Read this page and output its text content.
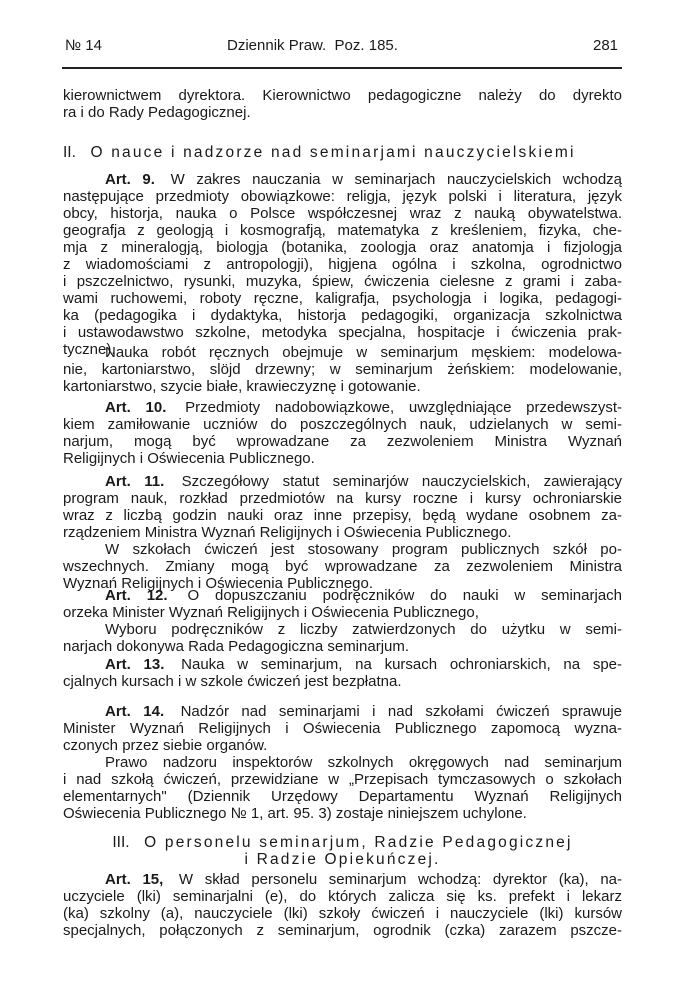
№ 14	Dziennik Praw.  Poz. 185.	281
kierownictwem dyrektora. Kierownictwo pedagogiczne należy do dyrekto
ra i do Rady Pedagogicznej.
II. O nauce i nadzorze nad seminarjami nauczycielskiemi
Art. 9. W zakres nauczania w seminarjach nauczycielskich wchodzą
następujące przedmioty obowiązkowe: religja, język polski i literatura, język
obcy, historja, nauka o Polsce współczesnej wraz z nauką obywatelstwa.
geografja z geologją i kosmografją, matematyka z kreśleniem, fizyka, che-
mja z mineralogją, biologja (botanika, zoologja oraz anatomja i fizjologja
z wiadomościami z antropologji), higjena ogólna i szkolna, ogrodnictwo
i pszczelnictwo, rysunki, muzyka, śpiew, ćwiczenia cielesne z grami i zaba-
wami ruchowemi, roboty ręczne, kaligrafja, psychologja i logika, pedagogi-
ka (pedagogika i dydaktyka, historja pedagogiki, organizacja szkolnictwa
i ustawodawstwo szkolne, metodyka specjalna, hospitacje i ćwiczenia prak-
tyczne).
Nauka robót ręcznych obejmuje w seminarjum męskiem: modelowa-
nie, kartoniarstwo, slöjd drzewny; w seminarjum żeńskiem: modelowanie,
kartoniarstwo, szycie białe, krawieczyznę i gotowanie.
Art. 10. Przedmioty nadobowiązkowe, uwzględniające przedewszyst-
kiem zamiłowanie uczniów do poszczególnych nauk, udzielanych w semi-
narjum, mogą być wprowadzane za zezwoleniem Ministra Wyznań
Religijnych i Oświecenia Publicznego.
Art. 11. Szczegółowy statut seminarjów nauczycielskich, zawierający
program nauk, rozkład przedmiotów na kursy roczne i kursy ochroniarskie
wraz z liczbą godzin nauki oraz inne przepisy, będą wydane osobnem za-
rządzeniem Ministra Wyznań Religijnych i Oświecenia Publicznego.
W szkołach ćwiczeń jest stosowany program publicznych szkół po-
wszechnych. Zmiany mogą być wprowadzane za zezwoleniem Ministra
Wyznań Religijnych i Oświecenia Publicznego.
Art. 12. O dopuszczaniu podręczników do nauki w seminarjach
orzeka Minister Wyznań Religijnych i Oświecenia Publicznego,
Wyboru podręczników z liczby zatwierdzonych do użytku w semi-
narjach dokonywa Rada Pedagogiczna seminarjum.
Art. 13. Nauka w seminarjum, na kursach ochroniarskich, na spe-
cjalnych kursach i w szkole ćwiczeń jest bezpłatna.
Art. 14. Nadzór nad seminarjami i nad szkołami ćwiczeń sprawuje
Minister Wyznań Religijnych i Oświecenia Publicznego zapomocą wyzna-
czonych przez siebie organów.
Prawo nadzoru inspektorów szkolnych okręgowych nad seminarjum
i nad szkołą ćwiczeń, przewidziane w „Przepisach tymczasowych o szkołach
elementarnych" (Dziennik Urzędowy Departamentu Wyznań Religijnych
Oświecenia Publicznego № 1, art. 95. 3) zostaje niniejszem uchylone.
III. O personelu seminarjum, Radzie Pedagogicznej
i Radzie Opiekuńczej.
Art. 15, W skład personelu seminarjum wchodzą: dyrektor (ka), na-
uczyciele (lki) seminarjalni (e), do których zalicza się ks. prefekt i lekarz
(ka) szkolny (a), nauczyciele (lki) szkoły ćwiczeń i nauczyciele (lki) kursów
specjalnych, połączonych z seminarjum, ogrodnik (czka) zarazem pszcze-
